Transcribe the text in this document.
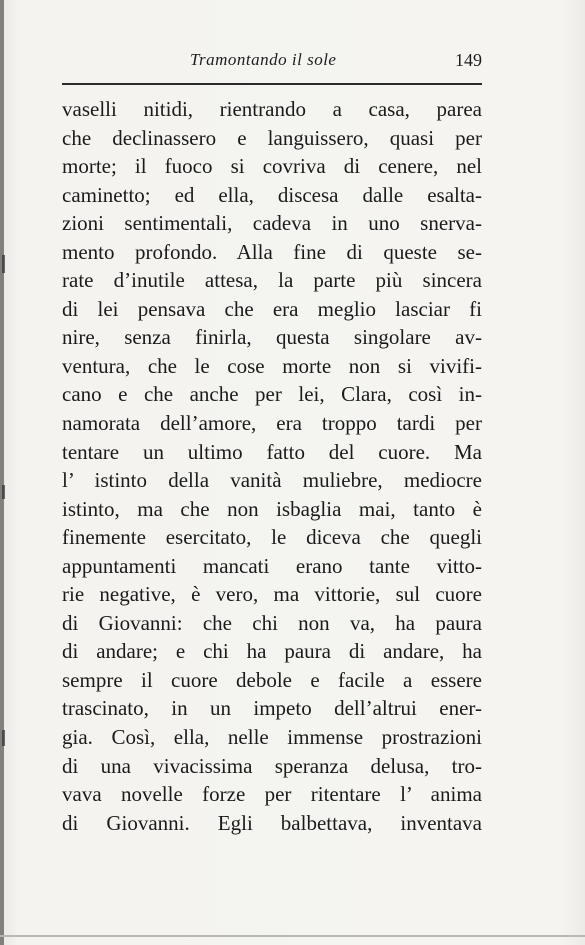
Tramontando il sole	149
vaselli nitidi, rientrando a casa, parea
che declinassero e languissero, quasi per
morte; il fuoco si covriva di cenere, nel
caminetto; ed ella, discesa dalle esalta-
zioni sentimentali, cadeva in uno snerva-
mento profondo. Alla fine di queste se-
rate d’inutile attesa, la parte più sincera
di lei pensava che era meglio lasciar fi
nire, senza finirla, questa singolare av-
ventura, che le cose morte non si vivifi-
cano e che anche per lei, Clara, così in-
namorata dell’amore, era troppo tardi per
tentare un ultimo fatto del cuore. Ma
l’ istinto della vanità muliebre, mediocre
istinto, ma che non isbaglia mai, tanto è
finemente esercitato, le diceva che quegli
appuntamenti mancati erano tante vitto-
rie negative, è vero, ma vittorie, sul cuore
di Giovanni: che chi non va, ha paura
di andare; e chi ha paura di andare, ha
sempre il cuore debole e facile a essere
trascinato, in un impeto dell’altrui ener-
gia. Così, ella, nelle immense prostrazioni
di una vivacissima speranza delusa, tro-
vava novelle forze per ritentare l’ anima
di Giovanni. Egli balbettava, inventava
